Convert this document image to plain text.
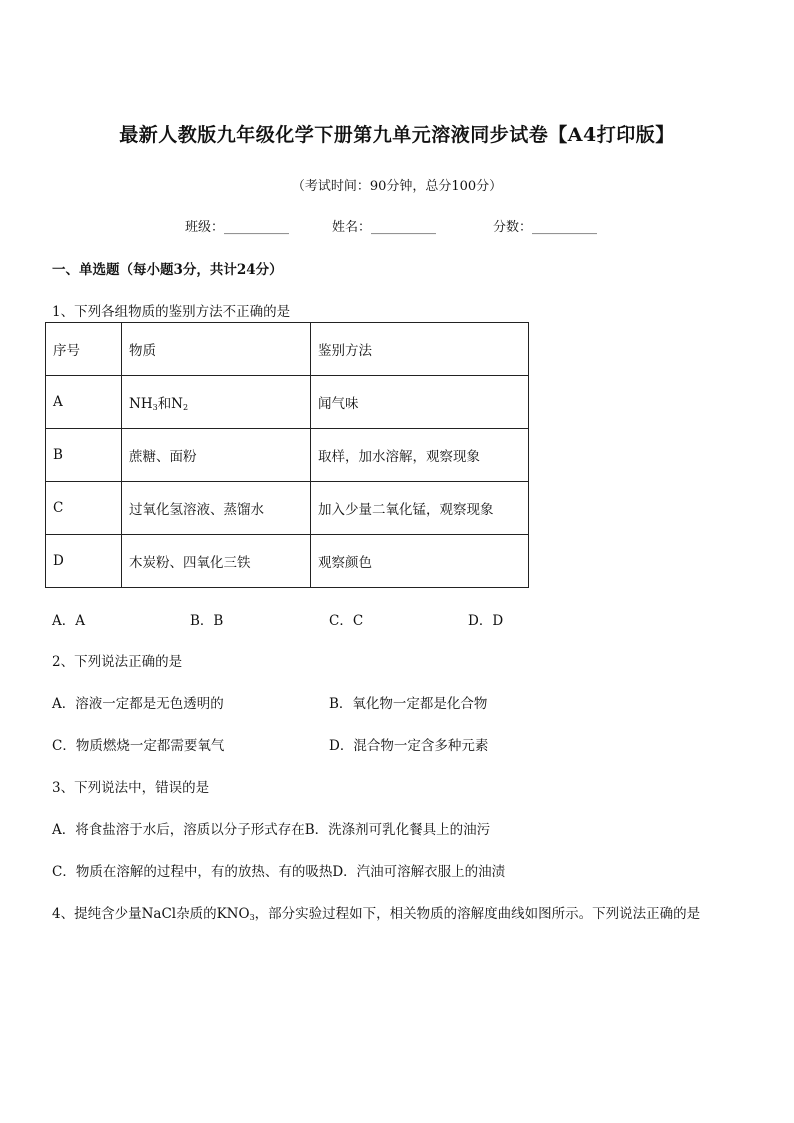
最新人教版九年级化学下册第九单元溶液同步试卷【A4打印版】
（考试时间：90分钟，总分100分）
班级：__________	姓名：__________	分数：__________
一、单选题（每小题3分，共计24分）
1、下列各组物质的鉴别方法不正确的是
序号	物质	鉴别方法
A	$NH_3$和$N_2$	闻气味
B	蔗糖、面粉	取样，加水溶解，观察现象
C	过氧化氢溶液、蒸馏水	加入少量二氧化锰，观察现象
D	木炭粉、四氧化三铁	观察颜色
A．A	B．B	C．C	D．D
2、下列说法正确的是
A．溶液一定都是无色透明的	B．氧化物一定都是化合物
C．物质燃烧一定都需要氧气	D．混合物一定含多种元素
3、下列说法中，错误的是
A．将食盐溶于水后，溶质以分子形式存在B．洗涤剂可乳化餐具上的油污
C．物质在溶解的过程中，有的放热、有的吸热D．汽油可溶解衣服上的油渍
4、提纯含少量NaCl杂质的$KNO_3$，部分实验过程如下，相关物质的溶解度曲线如图所示。下列说法正确的是
